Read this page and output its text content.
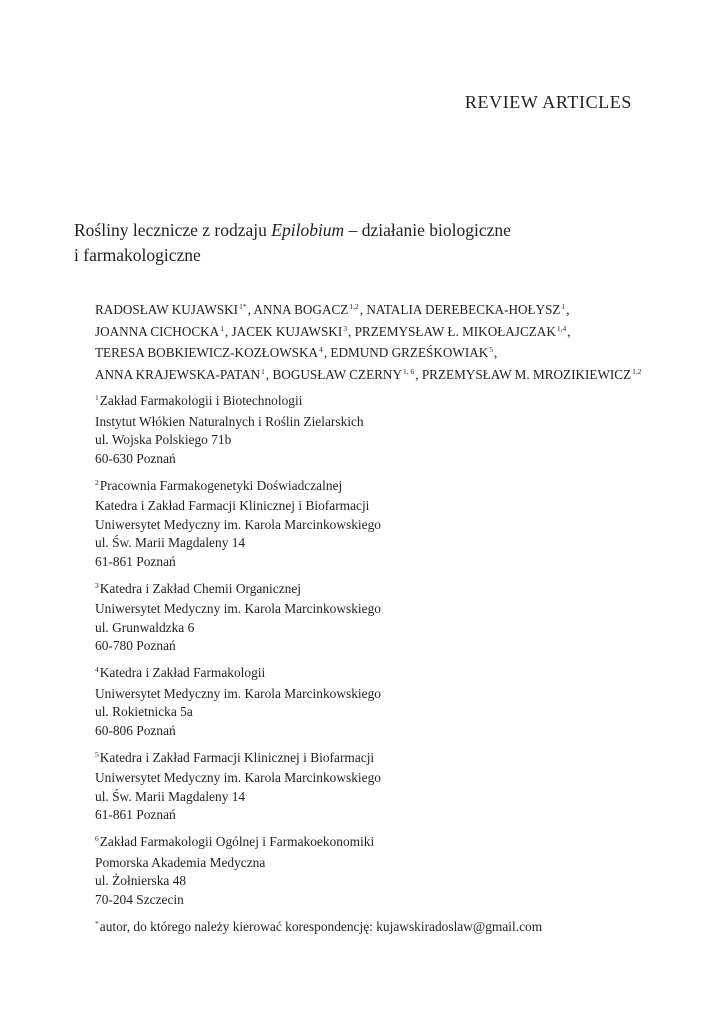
REVIEW ARTICLES
Rośliny lecznicze z rodzaju Epilobium – działanie biologiczne
i farmakologiczne
RADOSŁAW $KUJAWSKI^{1*}$, ANNA BOGACZ$^{1,2}$, NATALIA DEREBECKA-HOŁYSZ$^1$,
JOANNA CICHOCKA$^1$, JACEK KUJAWSKI$^3$, PRZEMYSŁAW Ł. MIKOŁAJCZAK$^{1,4}$,
TERESA BOBKIEWICZ-KOZŁOWSKA$^4$, EDMUND GRZEŚKOWIAK$^5$,
ANNA KRAJEWSKA-PATAN$^1$, BOGUSŁAW CZERNY$^{1, 6}$, PRZEMYSŁAW M. MROZIKIEWICZ$^{1,2}$
$^1$Zakład Farmakologii i Biotechnologii
Instytut Włókien Naturalnych i Roślin Zielarskich
ul. Wojska Polskiego 71b
60-630 Poznań
$^2$Pracownia Farmakogenetyki Doświadczalnej
Katedra i Zakład Farmacji Klinicznej i Biofarmacji
Uniwersytet Medyczny im. Karola Marcinkowskiego
ul. Św. Marii Magdaleny 14
61-861 Poznań
$^3$Katedra i Zakład Chemii Organicznej
Uniwersytet Medyczny im. Karola Marcinkowskiego
ul. Grunwaldzka 6
60-780 Poznań
$^4$Katedra i Zakład Farmakologii
Uniwersytet Medyczny im. Karola Marcinkowskiego
ul. Rokietnicka 5a
60-806 Poznań
$^5$Katedra i Zakład Farmacji Klinicznej i Biofarmacji
Uniwersytet Medyczny im. Karola Marcinkowskiego
ul. Św. Marii Magdaleny 14
61-861 Poznań
$^6$Zakład Farmakologii Ogólnej i Farmakoekonomiki
Pomorska Akademia Medyczna
ul. Żołnierska 48
70-204 Szczecin
*autor, do którego należy kierować korespondencję: kujawskiradoslaw@gmail.com
